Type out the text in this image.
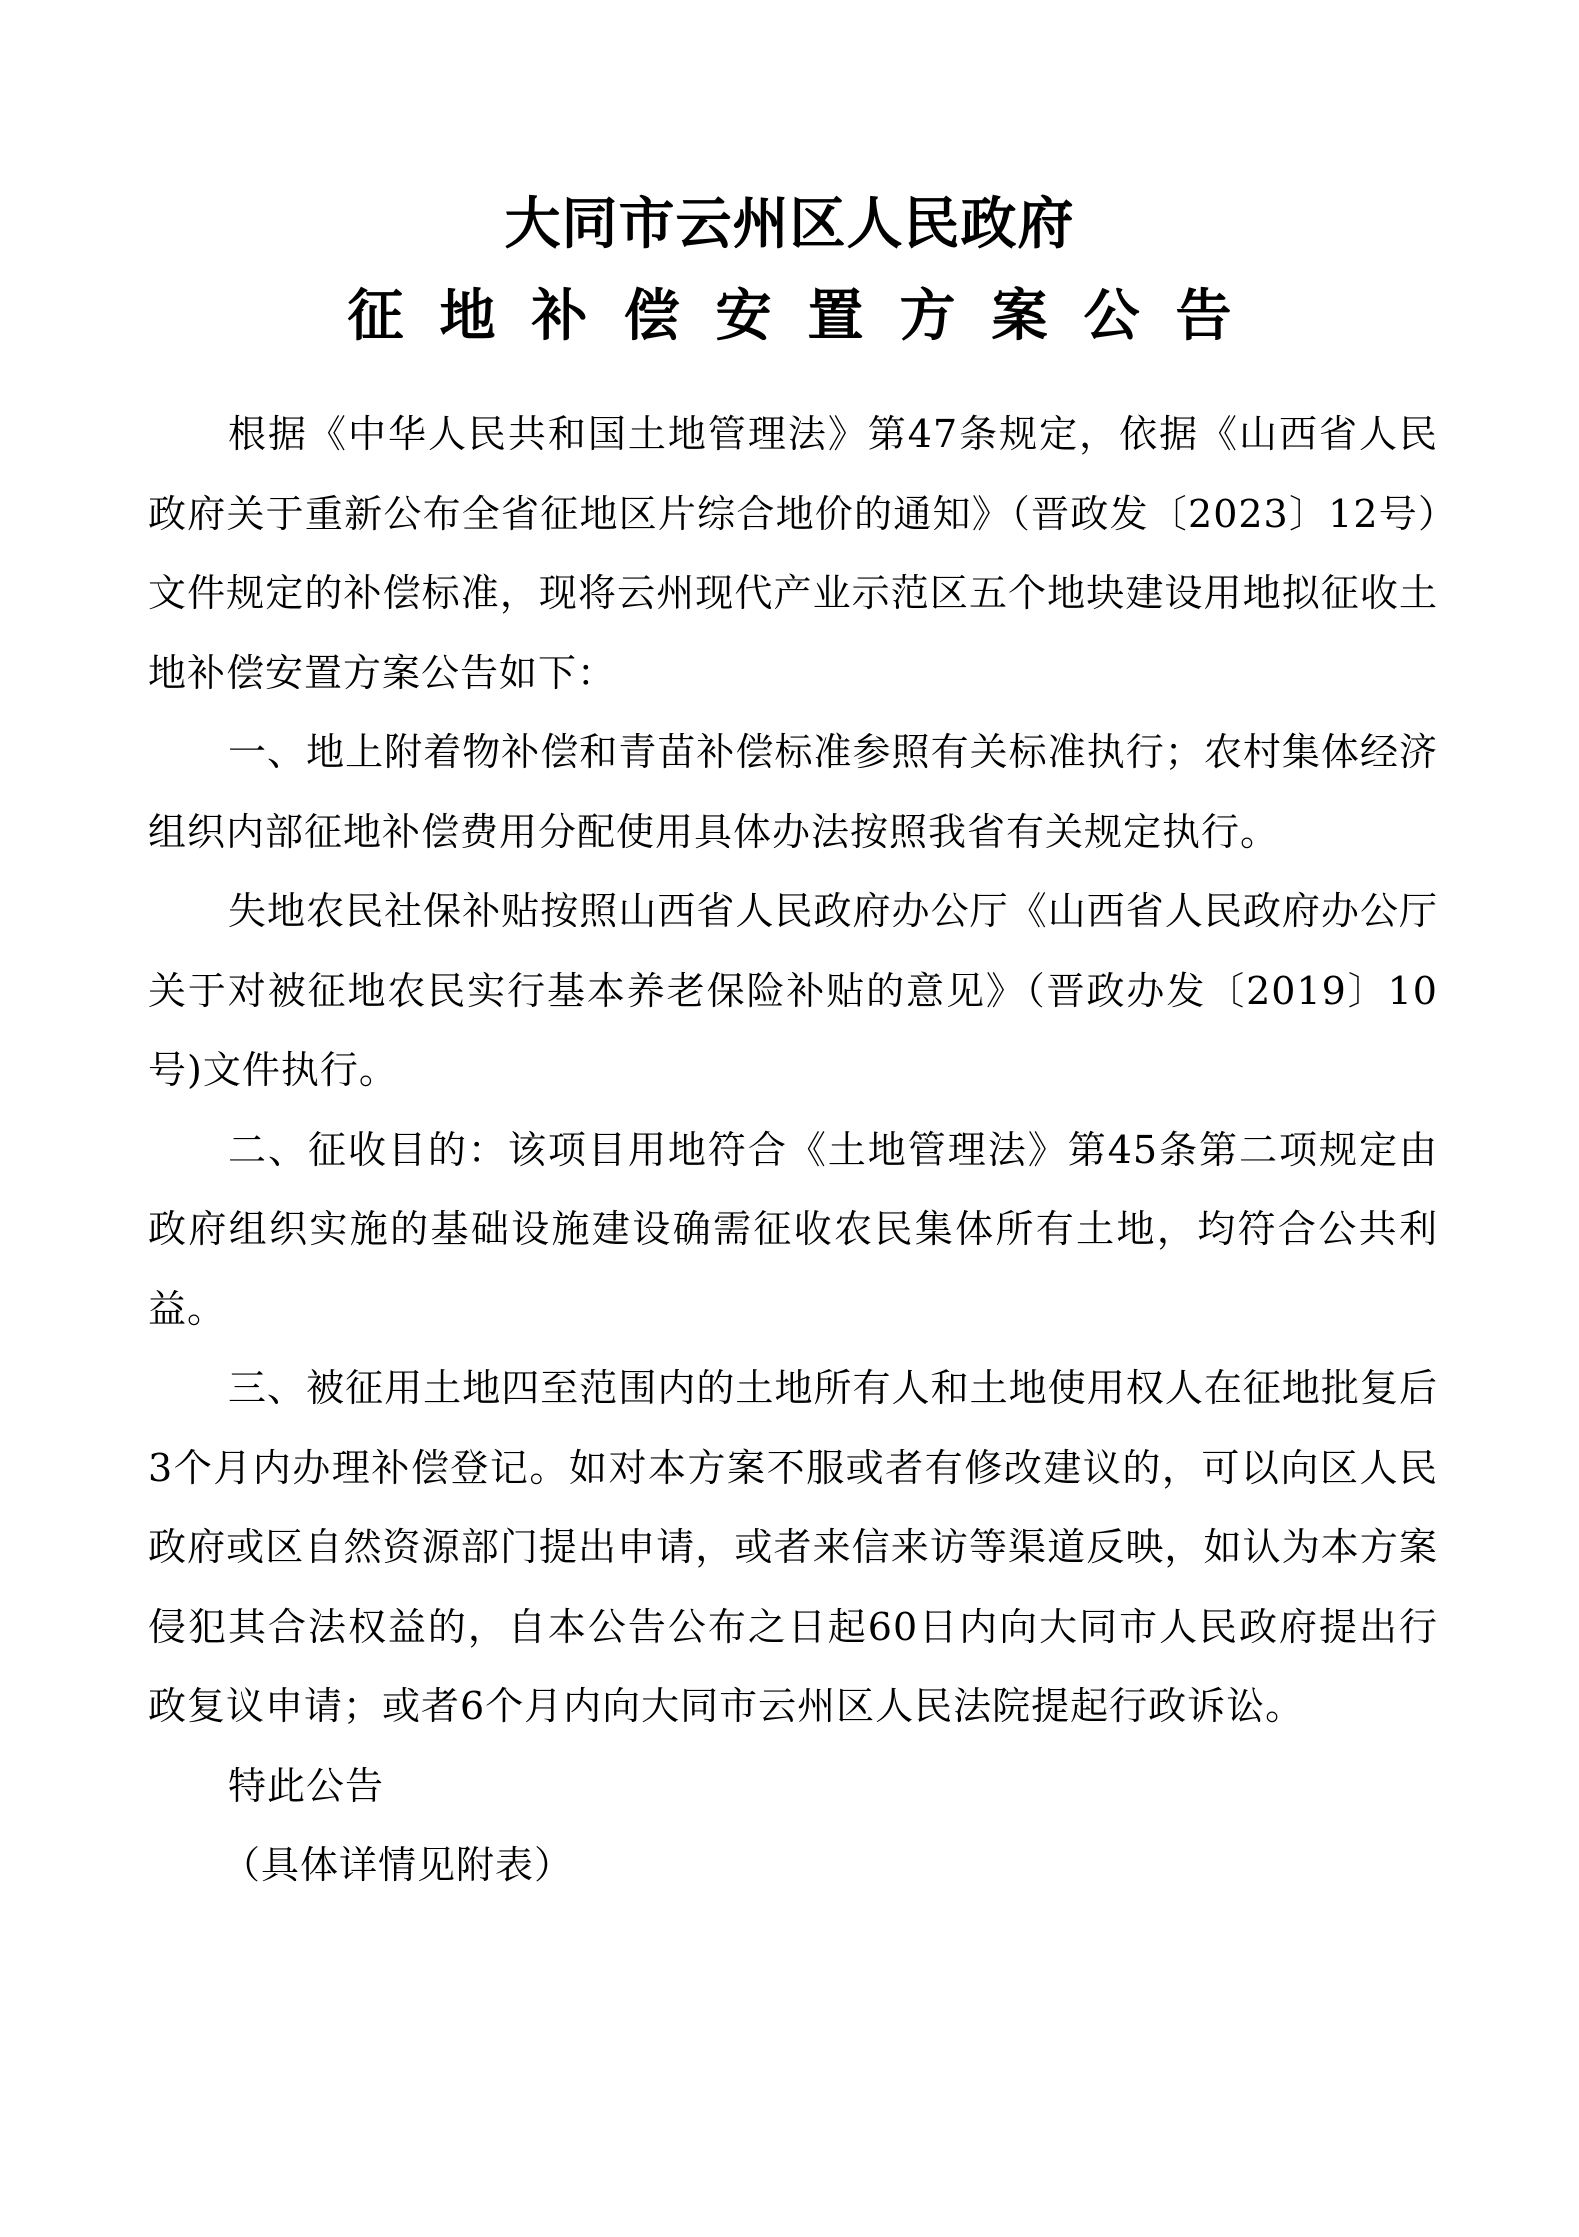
大同市云州区人民政府
征地补偿安置方案公告

根据《中华人民共和国土地管理法》第47条规定，依据《山西省人民政府关于重新公布全省征地区片综合地价的通知》（晋政发〔2023〕12号）文件规定的补偿标准，现将云州现代产业示范区五个地块建设用地拟征收土地补偿安置方案公告如下：

一、地上附着物补偿和青苗补偿标准参照有关标准执行；农村集体经济组织内部征地补偿费用分配使用具体办法按照我省有关规定执行。

失地农民社保补贴按照山西省人民政府办公厅《山西省人民政府办公厅关于对被征地农民实行基本养老保险补贴的意见》（晋政办发〔2019〕10号)文件执行。

二、征收目的：该项目用地符合《土地管理法》第45条第二项规定由政府组织实施的基础设施建设确需征收农民集体所有土地，均符合公共利益。

三、被征用土地四至范围内的土地所有人和土地使用权人在征地批复后3个月内办理补偿登记。如对本方案不服或者有修改建议的，可以向区人民政府或区自然资源部门提出申请，或者来信来访等渠道反映，如认为本方案侵犯其合法权益的，自本公告公布之日起60日内向大同市人民政府提出行政复议申请；或者6个月内向大同市云州区人民法院提起行政诉讼。

特此公告

（具体详情见附表）
